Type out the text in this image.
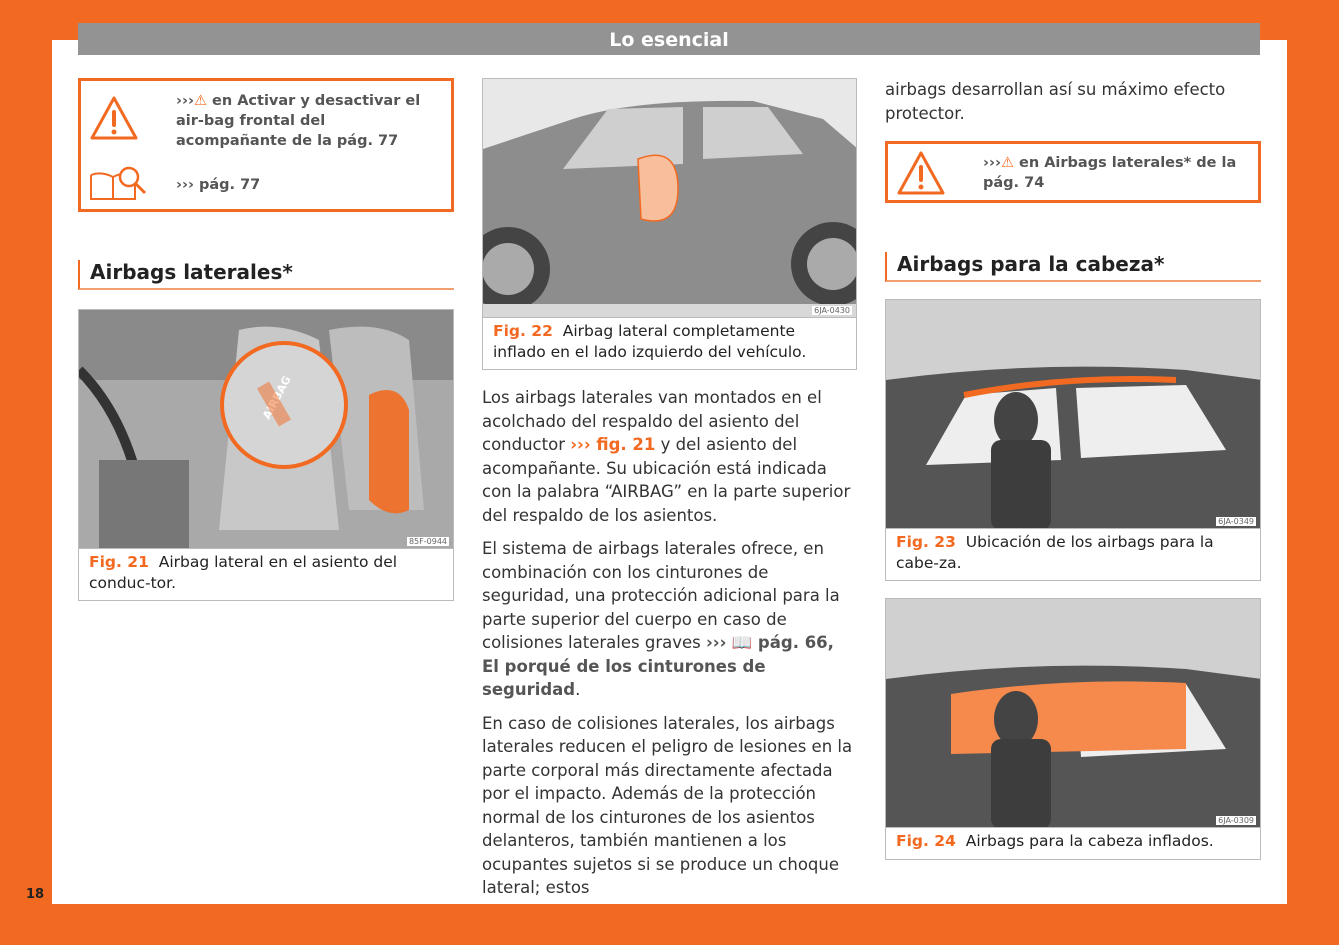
Lo esencial
18
›››⚠ en Activar y desactivar el air-bag frontal del acompañante de la pág. 77
››› pág. 77
Airbags laterales*
85F-0944
Fig. 21 Airbag lateral en el asiento del conduc-tor.
6JA-0430
Fig. 22 Airbag lateral completamente inflado en el lado izquierdo del vehículo.

Los airbags laterales van montados en el acolchado del respaldo del asiento del conductor ››› fig. 21 y del asiento del acompañante. Su ubicación está indicada con la palabra “AIRBAG” en la parte superior del respaldo de los asientos.

El sistema de airbags laterales ofrece, en combinación con los cinturones de seguridad, una protección adicional para la parte superior del cuerpo en caso de colisiones laterales graves ››› 📖 pág. 66, El porqué de los cinturones de seguridad.

En caso de colisiones laterales, los airbags laterales reducen el peligro de lesiones en la parte corporal más directamente afectada por el impacto. Además de la protección normal de los cinturones de los asientos delanteros, también mantienen a los ocupantes sujetos si se produce un choque lateral; estos

airbags desarrollan así su máximo efecto protector.
›››⚠ en Airbags laterales* de la pág. 74
Airbags para la cabeza*
6JA-0349
Fig. 23 Ubicación de los airbags para la cabe-za.
6JA-0309
Fig. 24 Airbags para la cabeza inflados.
